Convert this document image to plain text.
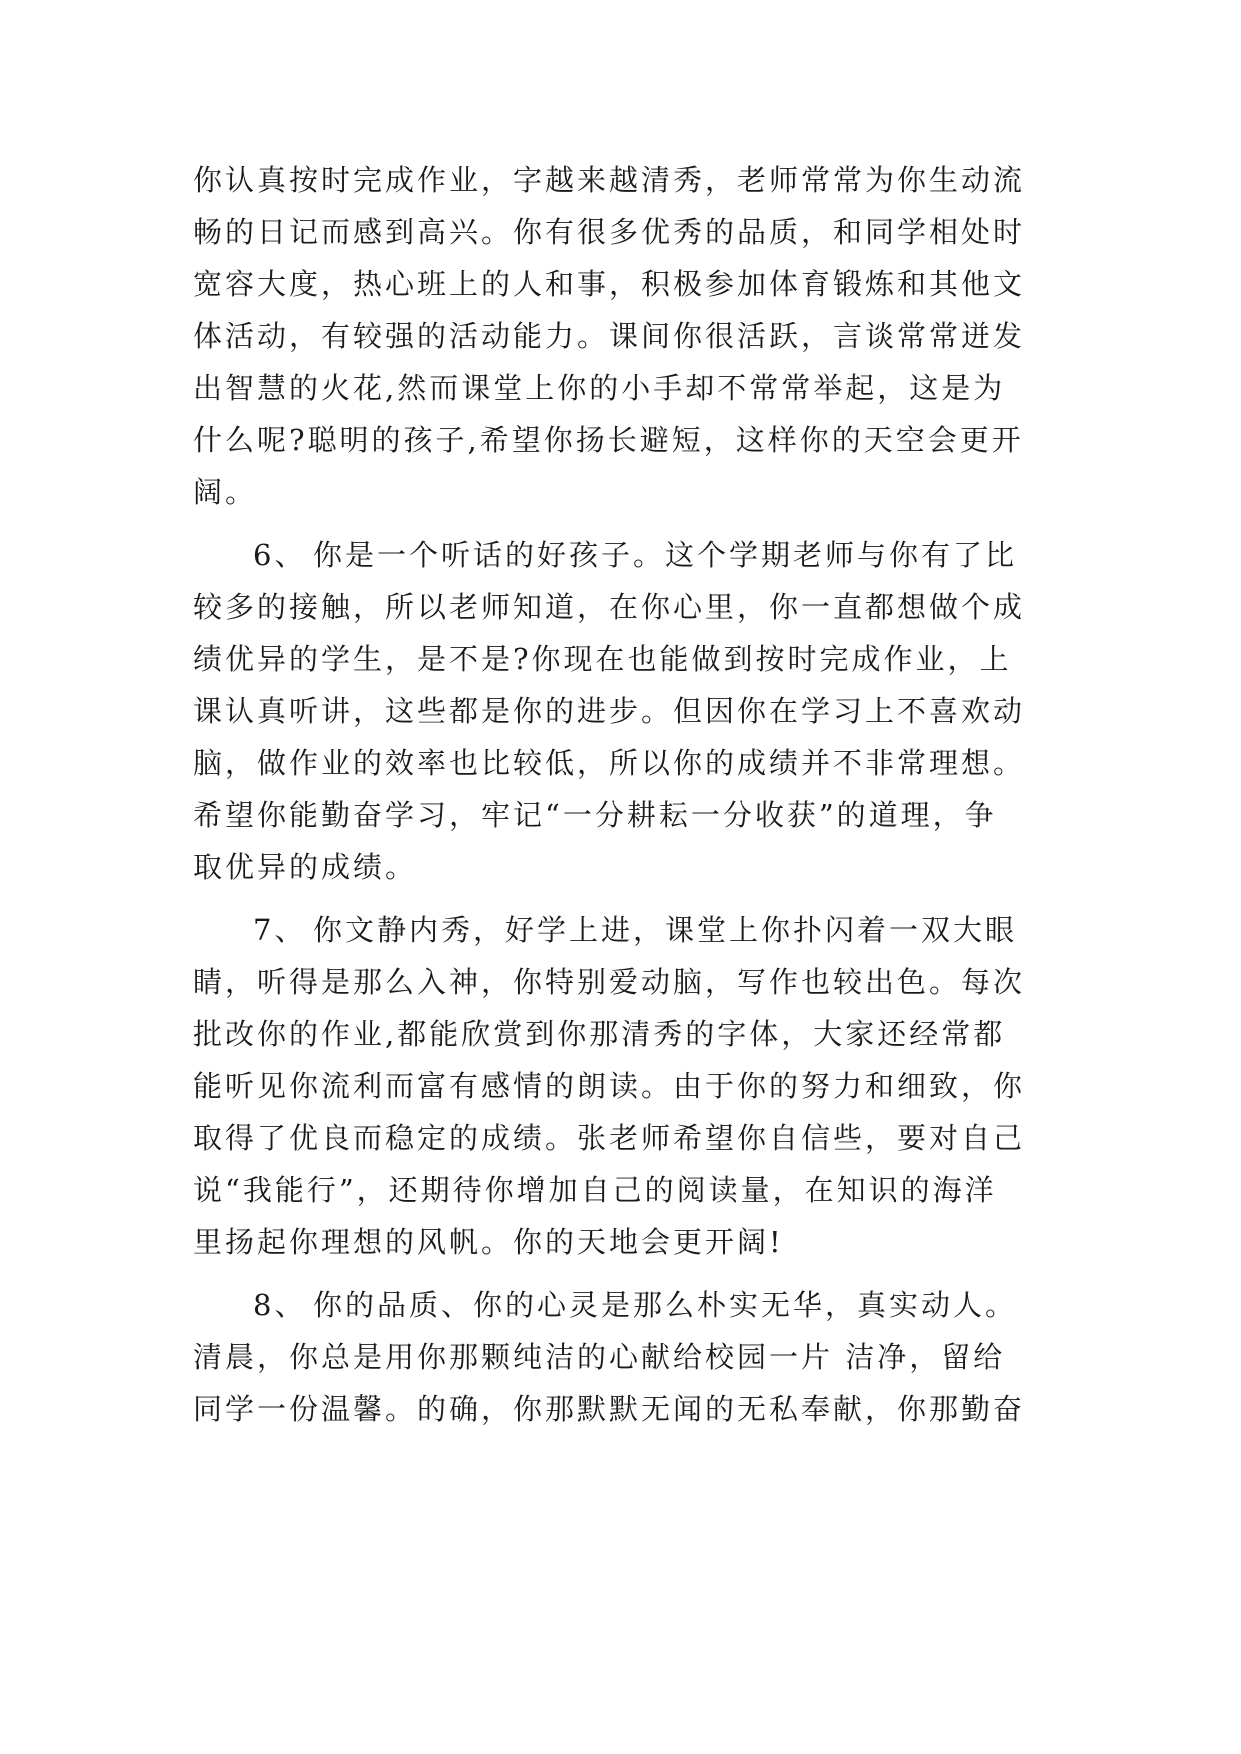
你认真按时完成作业，字越来越清秀，老师常常为你生动流
畅的日记而感到高兴。你有很多优秀的品质，和同学相处时
宽容大度，热心班上的人和事，积极参加体育锻炼和其他文
体活动，有较强的活动能力。课间你很活跃，言谈常常迸发
出智慧的火花,然而课堂上你的小手却不常常举起，这是为
什么呢?聪明的孩子,希望你扬长避短，这样你的天空会更开
阔。
6、 你是一个听话的好孩子。这个学期老师与你有了比
较多的接触，所以老师知道，在你心里，你一直都想做个成
绩优异的学生，是不是?你现在也能做到按时完成作业，上
课认真听讲，这些都是你的进步。但因你在学习上不喜欢动
脑，做作业的效率也比较低，所以你的成绩并不非常理想。
希望你能勤奋学习，牢记“一分耕耘一分收获”的道理，争
取优异的成绩。
7、 你文静内秀，好学上进，课堂上你扑闪着一双大眼
睛，听得是那么入神，你特别爱动脑，写作也较出色。每次
批改你的作业,都能欣赏到你那清秀的字体，大家还经常都
能听见你流利而富有感情的朗读。由于你的努力和细致，你
取得了优良而稳定的成绩。张老师希望你自信些，要对自己
说“我能行”，还期待你增加自己的阅读量，在知识的海洋
里扬起你理想的风帆。你的天地会更开阔!
8、 你的品质、你的心灵是那么朴实无华，真实动人。
清晨，你总是用你那颗纯洁的心献给校园一片 洁净，留给
同学一份温馨。的确，你那默默无闻的无私奉献，你那勤奋
